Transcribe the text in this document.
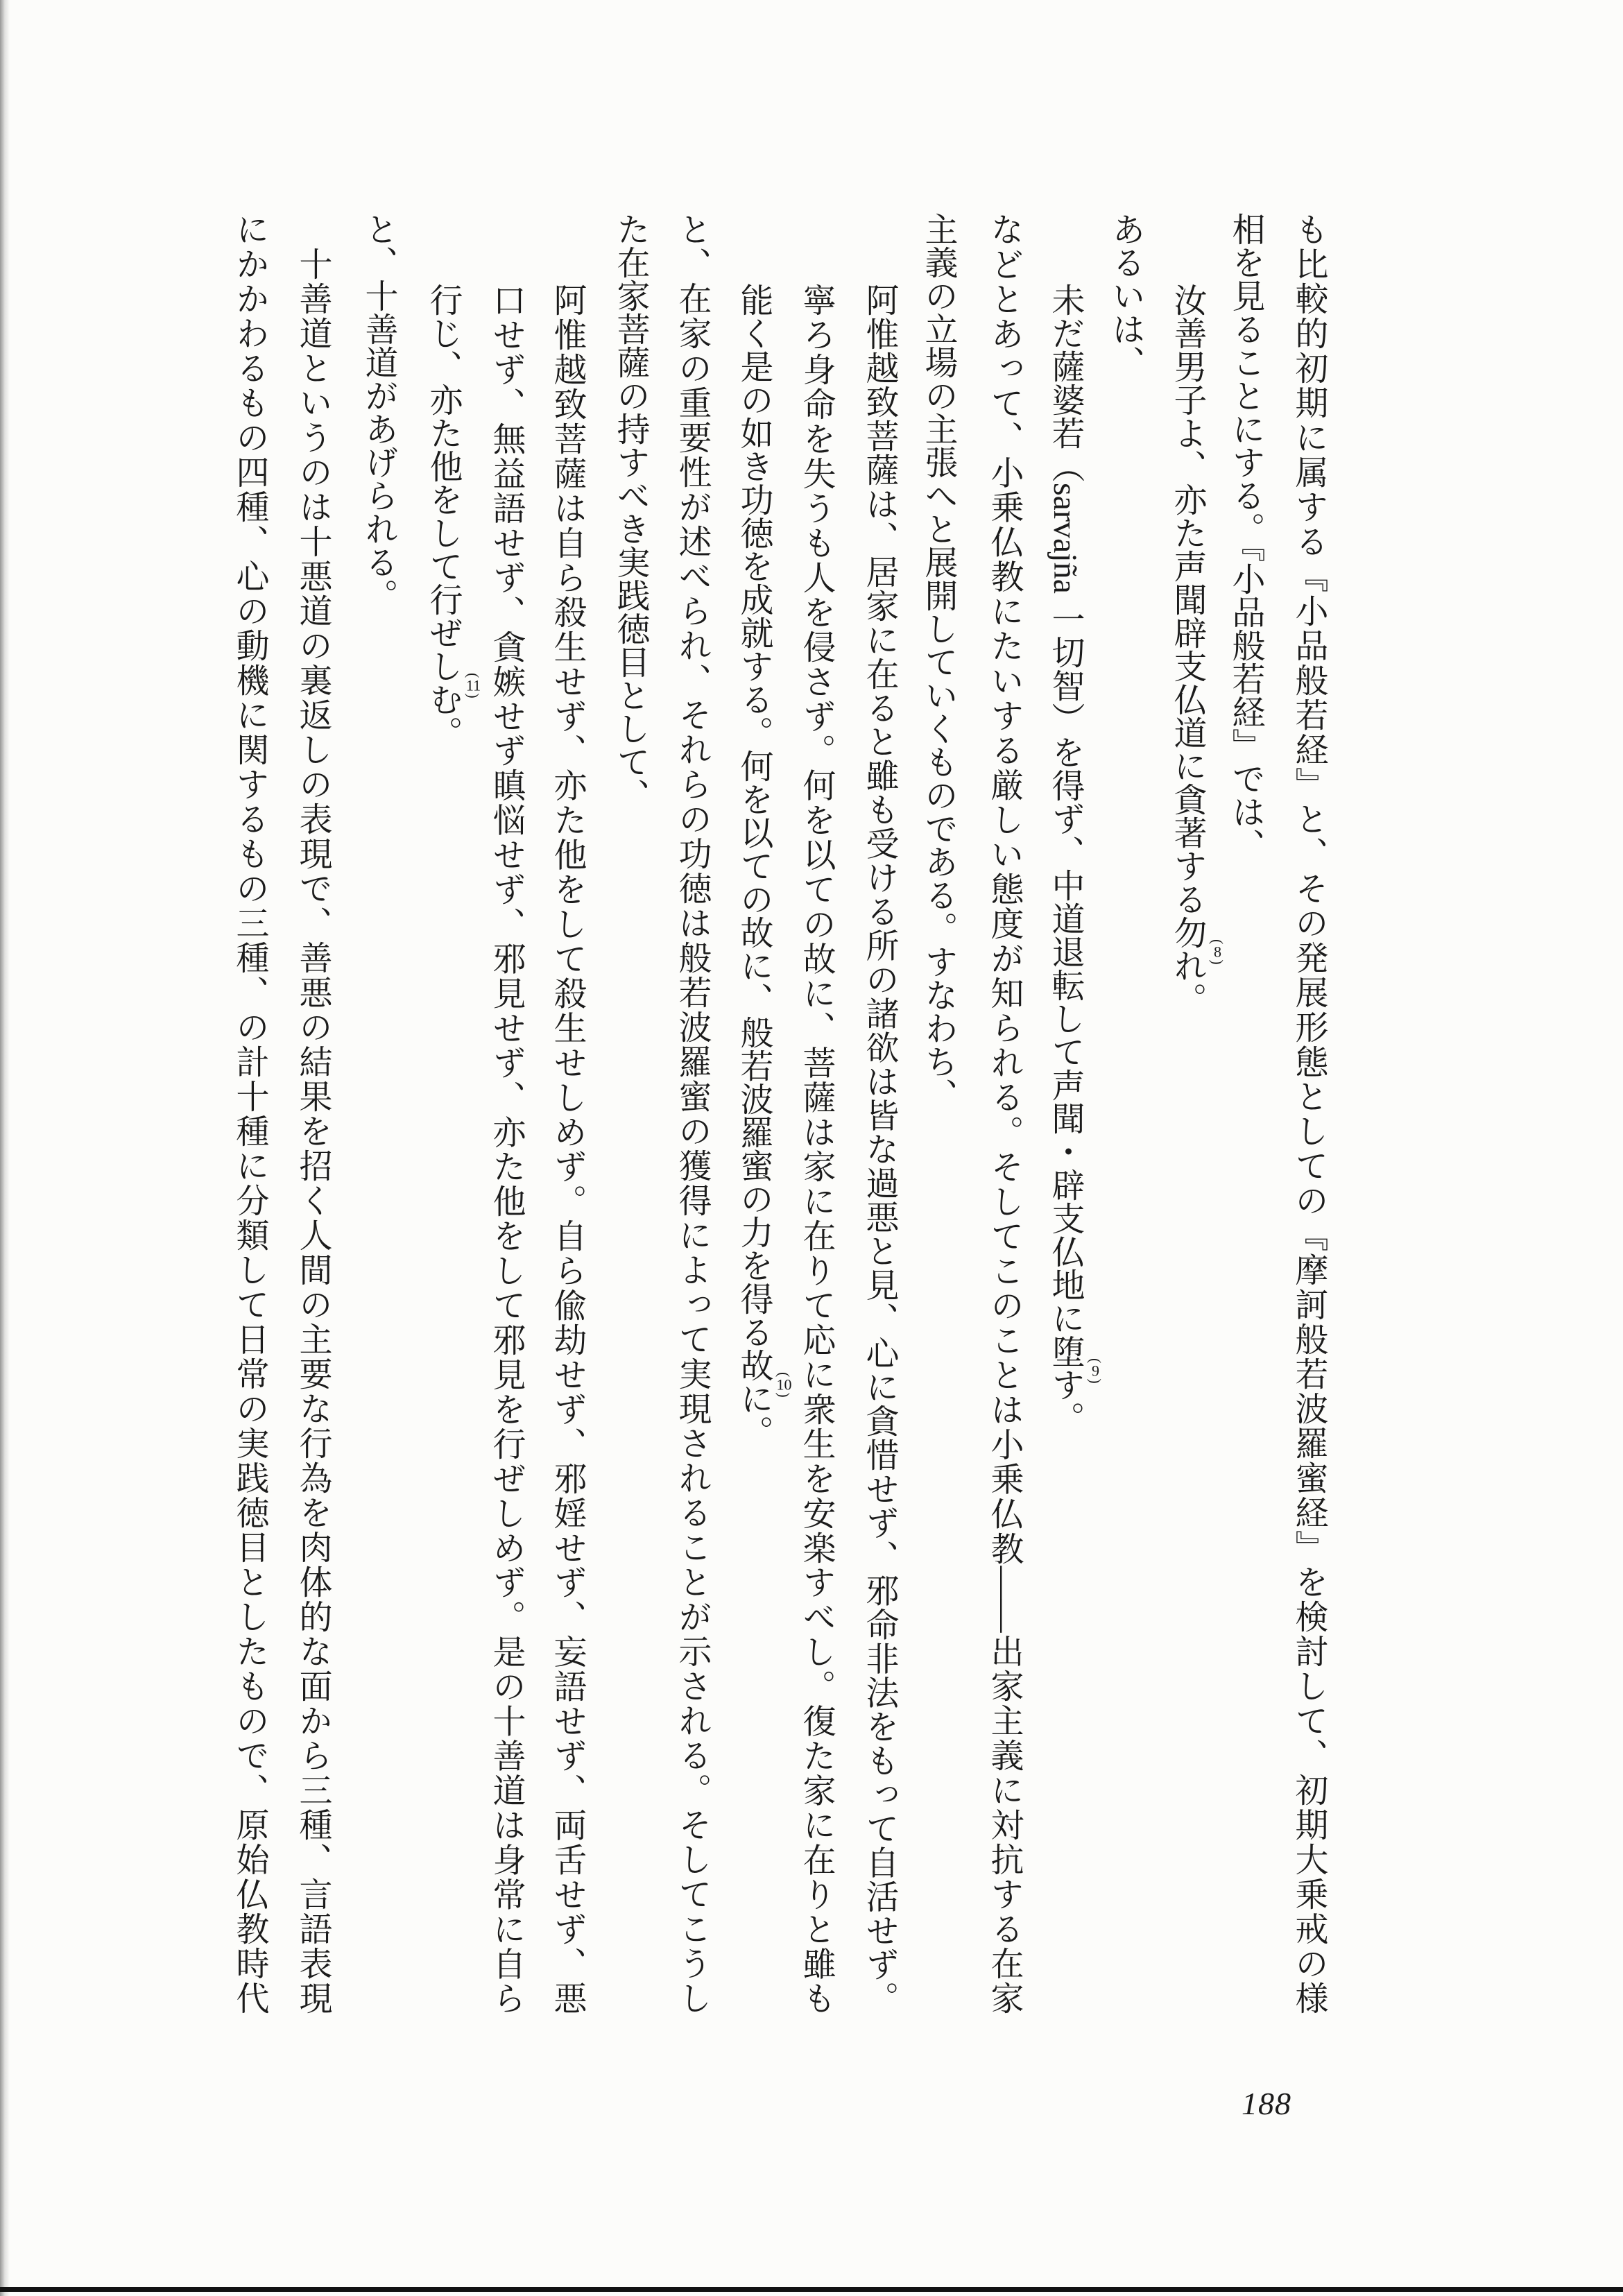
も比較的初期に属する『小品般若経』と、その発展形態としての『摩訶般若波羅蜜経』を検討して、初期大乗戒の様
相を見ることにする。『小品般若経』では、
汝善男子よ、亦た声聞辟支仏道に貪著する勿れ
(8)
。
あるいは、
未だ薩婆若（sarvajña 一切智）を得ず、中道退転して声聞・辟支仏地に堕す
(9)
。
などとあって、小乗仏教にたいする厳しい態度が知られる。そしてこのことは小乗仏教——出家主義に対抗する在家
主義の立場の主張へと展開していくものである。すなわち、
阿惟越致菩薩は、居家に在ると雖も受ける所の諸欲は皆な過悪と見、心に貪惜せず、邪命非法をもって自活せず。
寧ろ身命を失うも人を侵さず。何を以ての故に、菩薩は家に在りて応に衆生を安楽すべし。復た家に在りと雖も
能く是の如き功徳を成就する。何を以ての故に、般若波羅蜜の力を得る故に
(10)
。
と、在家の重要性が述べられ、それらの功徳は般若波羅蜜の獲得によって実現されることが示される。そしてこうし
た在家菩薩の持すべき実践徳目として、
阿惟越致菩薩は自ら殺生せず、亦た他をして殺生せしめず。自ら偸劫せず、邪婬せず、妄語せず、両舌せず、悪
口せず、無益語せず、貪嫉せず瞋悩せず、邪見せず、亦た他をして邪見を行ぜしめず。是の十善道は身常に自ら
行じ、亦た他をして行ぜしむ
(11)
。
と、十善道があげられる。
十善道というのは十悪道の裏返しの表現で、善悪の結果を招く人間の主要な行為を肉体的な面から三種、言語表現
にかかわるもの四種、心の動機に関するもの三種、の計十種に分類して日常の実践徳目としたもので、原始仏教時代
188
